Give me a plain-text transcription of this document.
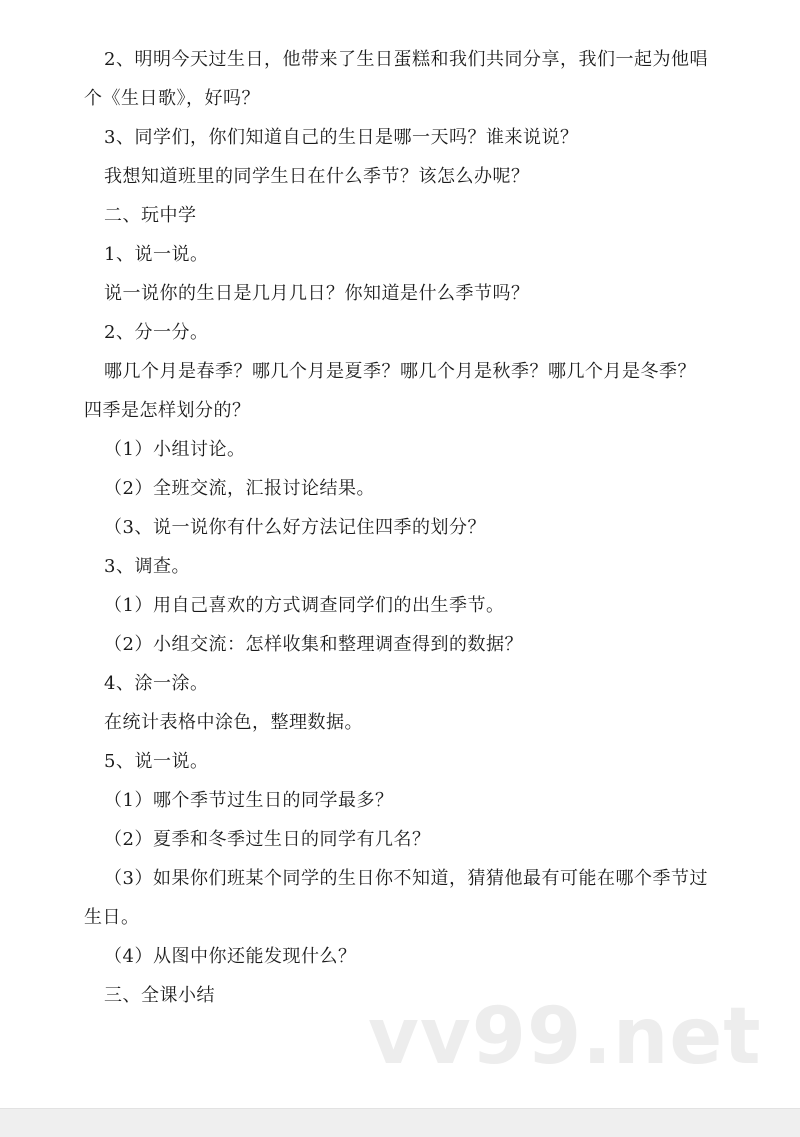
2、明明今天过生日，他带来了生日蛋糕和我们共同分享，我们一起为他唱
个《生日歌》，好吗？
3、同学们，你们知道自己的生日是哪一天吗？谁来说说？
我想知道班里的同学生日在什么季节？该怎么办呢？
二、玩中学
1、说一说。
说一说你的生日是几月几日？你知道是什么季节吗？
2、分一分。
哪几个月是春季？哪几个月是夏季？哪几个月是秋季？哪几个月是冬季？
四季是怎样划分的？
（1）小组讨论。
（2）全班交流，汇报讨论结果。
（3、说一说你有什么好方法记住四季的划分？
3、调查。
（1）用自己喜欢的方式调查同学们的出生季节。
（2）小组交流：怎样收集和整理调查得到的数据？
4、涂一涂。
在统计表格中涂色，整理数据。
5、说一说。
（1）哪个季节过生日的同学最多？
（2）夏季和冬季过生日的同学有几名？
（3）如果你们班某个同学的生日你不知道，猜猜他最有可能在哪个季节过
生日。
（4）从图中你还能发现什么？
三、全课小结 vv99.net
